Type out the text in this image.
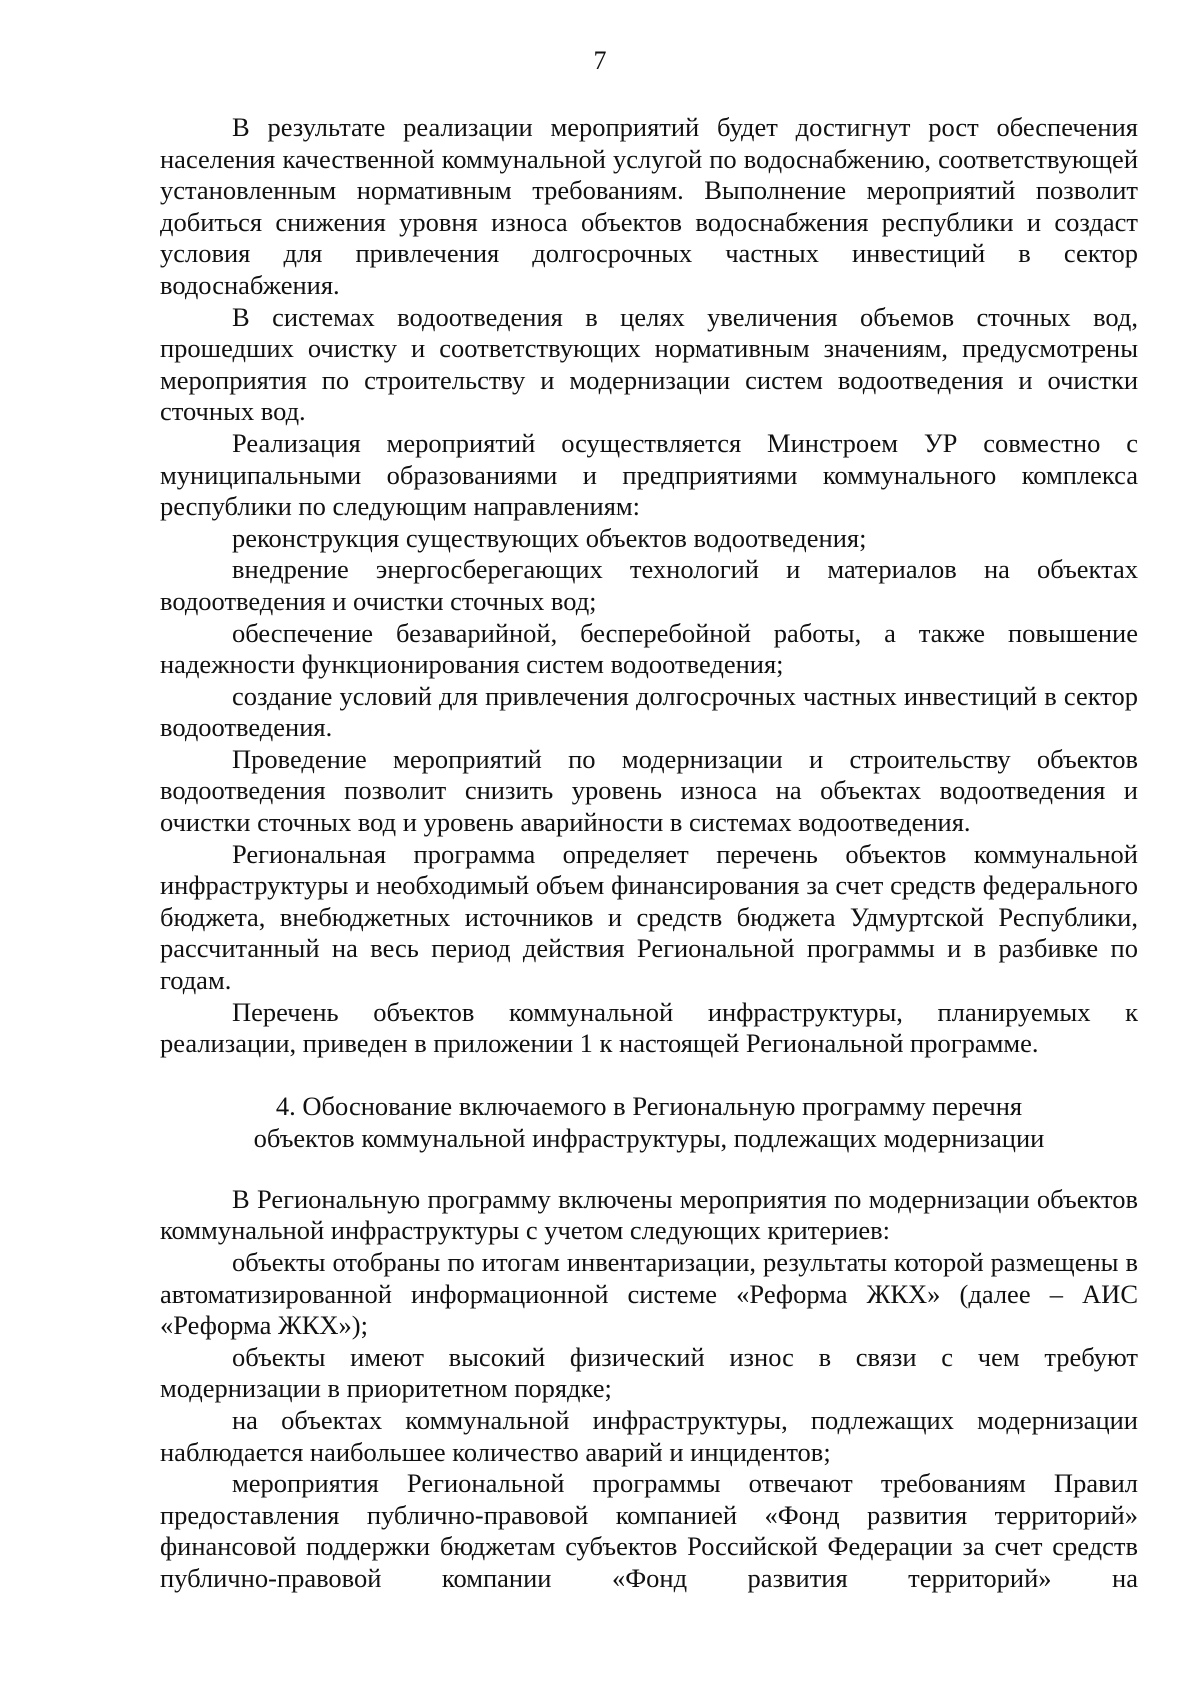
7

В результате реализации мероприятий будет достигнут рост обеспечения населения качественной коммунальной услугой по водоснабжению, соответствующей установленным нормативным требованиям. Выполнение мероприятий позволит добиться снижения уровня износа объектов водоснабжения республики и создаст условия для привлечения долгосрочных частных инвестиций в сектор водоснабжения.

В системах водоотведения в целях увеличения объемов сточных вод, прошедших очистку и соответствующих нормативным значениям, предусмотрены мероприятия по строительству и модернизации систем водоотведения и очистки сточных вод.

Реализация мероприятий осуществляется Минстроем УР совместно с муниципальными образованиями и предприятиями коммунального комплекса республики по следующим направлениям:

реконструкция существующих объектов водоотведения;

внедрение энергосберегающих технологий и материалов на объектах водоотведения и очистки сточных вод;

обеспечение безаварийной, бесперебойной работы, а также повышение надежности функционирования систем водоотведения;

создание условий для привлечения долгосрочных частных инвестиций в сектор водоотведения.

Проведение мероприятий по модернизации и строительству объектов водоотведения позволит снизить уровень износа на объектах водоотведения и очистки сточных вод и уровень аварийности в системах водоотведения.

Региональная программа определяет перечень объектов коммунальной инфраструктуры и необходимый объем финансирования за счет средств федерального бюджета, внебюджетных источников и средств бюджета Удмуртской Республики, рассчитанный на весь период действия Региональной программы и в разбивке по годам.

Перечень объектов коммунальной инфраструктуры, планируемых к реализации, приведен в приложении 1 к настоящей Региональной программе.

4. Обоснование включаемого в Региональную программу перечня
объектов коммунальной инфраструктуры, подлежащих модернизации

В Региональную программу включены мероприятия по модернизации объектов коммунальной инфраструктуры с учетом следующих критериев:

объекты отобраны по итогам инвентаризации, результаты которой размещены в автоматизированной информационной системе «Реформа ЖКХ» (далее – АИС «Реформа ЖКХ»);

объекты имеют высокий физический износ в связи с чем требуют модернизации в приоритетном порядке;

на объектах коммунальной инфраструктуры, подлежащих модернизации наблюдается наибольшее количество аварий и инцидентов;

мероприятия Региональной программы отвечают требованиям Правил предоставления публично-правовой компанией «Фонд развития территорий» финансовой поддержки бюджетам субъектов Российской Федерации за счет средств публично-правовой компании «Фонд развития территорий» на
